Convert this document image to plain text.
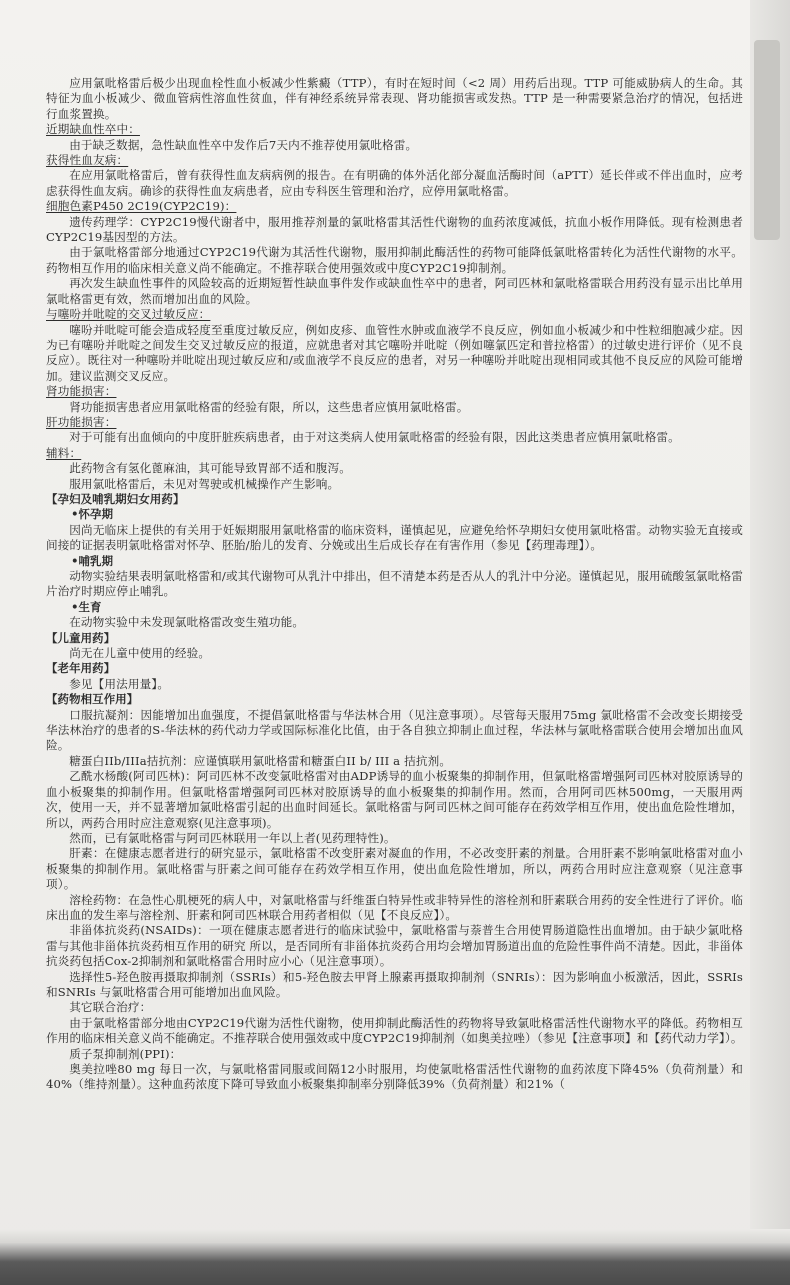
应用氯吡格雷后极少出现血栓性血小板减少性紫癜（TTP），有时在短时间（<2 周）用药后出现。TTP 可能威胁病人的生命。其特征为血小板减少、微血管病性溶血性贫血，伴有神经系统异常表现、肾功能损害或发热。TTP 是一种需要紧急治疗的情况，包括进行血浆置换。

近期缺血性卒中：

由于缺乏数据，急性缺血性卒中发作后7天内不推荐使用氯吡格雷。

获得性血友病：

在应用氯吡格雷后，曾有获得性血友病病例的报告。在有明确的体外活化部分凝血活酶时间（aPTT）延长伴或不伴出血时，应考虑获得性血友病。确诊的获得性血友病患者，应由专科医生管理和治疗，应停用氯吡格雷。

细胞色素P450 2C19(CYP2C19)：

遗传药理学：CYP2C19慢代谢者中，服用推荐剂量的氯吡格雷其活性代谢物的血药浓度减低，抗血小板作用降低。现有检测患者CYP2C19基因型的方法。

由于氯吡格雷部分地通过CYP2C19代谢为其活性代谢物，服用抑制此酶活性的药物可能降低氯吡格雷转化为活性代谢物的水平。药物相互作用的临床相关意义尚不能确定。不推荐联合使用强效或中度CYP2C19抑制剂。

再次发生缺血性事件的风险较高的近期短暂性缺血事件发作或缺血性卒中的患者，阿司匹林和氯吡格雷联合用药没有显示出比单用氯吡格雷更有效，然而增加出血的风险。

与噻吩并吡啶的交叉过敏反应：

噻吩并吡啶可能会造成轻度至重度过敏反应，例如皮疹、血管性水肿或血液学不良反应，例如血小板减少和中性粒细胞减少症。因为已有噻吩并吡啶之间发生交叉过敏反应的报道，应就患者对其它噻吩并吡啶（例如噻氯匹定和普拉格雷）的过敏史进行评价（见不良反应）。既往对一种噻吩并吡啶出现过敏反应和/或血液学不良反应的患者，对另一种噻吩并吡啶出现相同或其他不良反应的风险可能增加。建议监测交叉反应。

肾功能损害：

肾功能损害患者应用氯吡格雷的经验有限，所以，这些患者应慎用氯吡格雷。

肝功能损害：

对于可能有出血倾向的中度肝脏疾病患者，由于对这类病人使用氯吡格雷的经验有限，因此这类患者应慎用氯吡格雷。

辅料：

此药物含有氢化蓖麻油，其可能导致胃部不适和腹泻。

服用氯吡格雷后，未见对驾驶或机械操作产生影响。

【孕妇及哺乳期妇女用药】

•怀孕期

因尚无临床上提供的有关用于妊娠期服用氯吡格雷的临床资料，谨慎起见，应避免给怀孕期妇女使用氯吡格雷。动物实验无直接或间接的证据表明氯吡格雷对怀孕、胚胎/胎儿的发育、分娩或出生后成长存在有害作用（参见【药理毒理】）。

•哺乳期

动物实验结果表明氯吡格雷和/或其代谢物可从乳汁中排出，但不清楚本药是否从人的乳汁中分泌。谨慎起见，服用硫酸氢氯吡格雷片治疗时期应停止哺乳。

•生育

在动物实验中未发现氯吡格雷改变生殖功能。

【儿童用药】

尚无在儿童中使用的经验。

【老年用药】

参见【用法用量】。

【药物相互作用】

口服抗凝剂：因能增加出血强度，不提倡氯吡格雷与华法林合用（见注意事项）。尽管每天服用75mg 氯吡格雷不会改变长期接受华法林治疗的患者的S-华法林的药代动力学或国际标准化比值，由于各自独立抑制止血过程，华法林与氯吡格雷联合使用会增加出血风险。

糖蛋白IIb/IIIa拮抗剂：应谨慎联用氯吡格雷和糖蛋白II b/ III a 拮抗剂。

乙酰水杨酸(阿司匹林)：阿司匹林不改变氯吡格雷对由ADP诱导的血小板聚集的抑制作用，但氯吡格雷增强阿司匹林对胶原诱导的血小板聚集的抑制作用。但氯吡格雷增强阿司匹林对胶原诱导的血小板聚集的抑制作用。然而，合用阿司匹林500mg，一天服用两次，使用一天，并不显著增加氯吡格雷引起的出血时间延长。氯吡格雷与阿司匹林之间可能存在药效学相互作用，使出血危险性增加，所以，两药合用时应注意观察(见注意事项)。

然而，已有氯吡格雷与阿司匹林联用一年以上者(见药理特性)。

肝素：在健康志愿者进行的研究显示，氯吡格雷不改变肝素对凝血的作用，不必改变肝素的剂量。合用肝素不影响氯吡格雷对血小板聚集的抑制作用。氯吡格雷与肝素之间可能存在药效学相互作用，使出血危险性增加，所以，两药合用时应注意观察（见注意事项）。

溶栓药物：在急性心肌梗死的病人中，对氯吡格雷与纤维蛋白特异性或非特异性的溶栓剂和肝素联合用药的安全性进行了评价。临床出血的发生率与溶栓剂、肝素和阿司匹林联合用药者相似（见【不良反应】）。

非甾体抗炎药(NSAIDs)：一项在健康志愿者进行的临床试验中，氯吡格雷与萘普生合用使胃肠道隐性出血增加。由于缺少氯吡格雷与其他非甾体抗炎药相互作用的研究 所以，是否同所有非甾体抗炎药合用均会增加胃肠道出血的危险性事件尚不清楚。因此，非甾体抗炎药包括Cox-2抑制剂和氯吡格雷合用时应小心（见注意事项）。

选择性5-羟色胺再摄取抑制剂（SSRIs）和5-羟色胺去甲肾上腺素再摄取抑制剂（SNRIs）：因为影响血小板激活，因此，SSRIs 和SNRIs 与氯吡格雷合用可能增加出血风险。

其它联合治疗：

由于氯吡格雷部分地由CYP2C19代谢为活性代谢物，使用抑制此酶活性的药物将导致氯吡格雷活性代谢物水平的降低。药物相互作用的临床相关意义尚不能确定。不推荐联合使用强效或中度CYP2C19抑制剂（如奥美拉唑）（参见【注意事项】和【药代动力学】）。

质子泵抑制剂(PPI)：

奥美拉唑80 mg 每日一次，与氯吡格雷同服或间隔12小时服用，均使氯吡格雷活性代谢物的血药浓度下降45%（负荷剂量）和40%（维持剂量）。这种血药浓度下降可导致血小板聚集抑制率分别降低39%（负荷剂量）和21%（
